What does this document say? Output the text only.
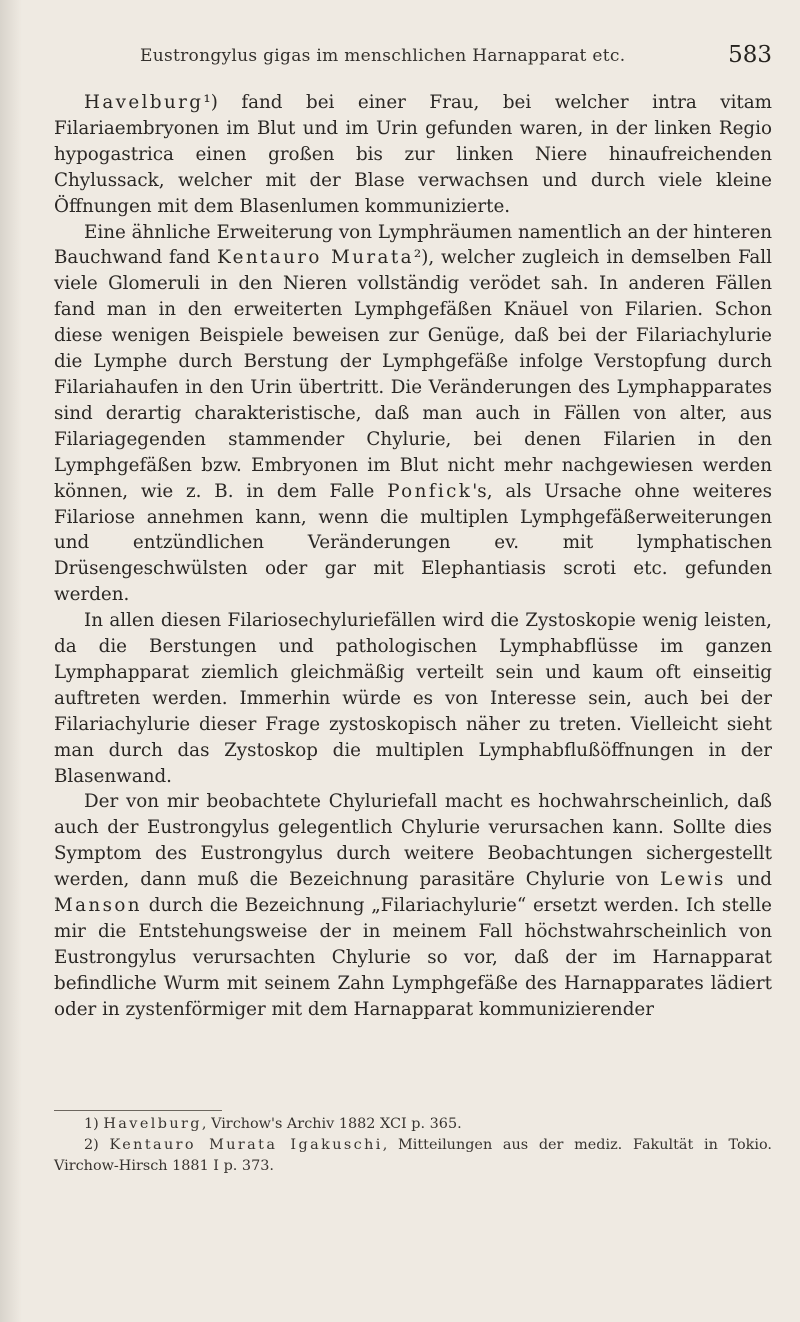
Eustrongylus gigas im menschlichen Harnapparat etc.	583

Havelburg¹) fand bei einer Frau, bei welcher intra vitam Filariaembryonen im Blut und im Urin gefunden waren, in der linken Regio hypogastrica einen großen bis zur linken Niere hinaufreichenden Chylussack, welcher mit der Blase verwachsen und durch viele kleine Öffnungen mit dem Blasenlumen kommunizierte.

Eine ähnliche Erweiterung von Lymphräumen namentlich an der hinteren Bauchwand fand Kentauro Murata²), welcher zugleich in demselben Fall viele Glomeruli in den Nieren vollständig verödet sah. In anderen Fällen fand man in den erweiterten Lymphgefäßen Knäuel von Filarien. Schon diese wenigen Beispiele beweisen zur Genüge, daß bei der Filariachylurie die Lymphe durch Berstung der Lymphgefäße infolge Verstopfung durch Filariahaufen in den Urin übertritt. Die Veränderungen des Lymphapparates sind derartig charakteristische, daß man auch in Fällen von alter, aus Filariagegenden stammender Chylurie, bei denen Filarien in den Lymphgefäßen bzw. Embryonen im Blut nicht mehr nachgewiesen werden können, wie z. B. in dem Falle Ponfick's, als Ursache ohne weiteres Filariose annehmen kann, wenn die multiplen Lymphgefäßerweiterungen und entzündlichen Veränderungen ev. mit lymphatischen Drüsengeschwülsten oder gar mit Elephantiasis scroti etc. gefunden werden.

In allen diesen Filariosechyluriefällen wird die Zystoskopie wenig leisten, da die Berstungen und pathologischen Lymphabflüsse im ganzen Lymphapparat ziemlich gleichmäßig verteilt sein und kaum oft einseitig auftreten werden. Immerhin würde es von Interesse sein, auch bei der Filariachylurie dieser Frage zystoskopisch näher zu treten. Vielleicht sieht man durch das Zystoskop die multiplen Lymphabflußöffnungen in der Blasenwand.

Der von mir beobachtete Chyluriefall macht es hochwahrscheinlich, daß auch der Eustrongylus gelegentlich Chylurie verursachen kann. Sollte dies Symptom des Eustrongylus durch weitere Beobachtungen sichergestellt werden, dann muß die Bezeichnung parasitäre Chylurie von Lewis und Manson durch die Bezeichnung „Filariachylurie“ ersetzt werden. Ich stelle mir die Entstehungsweise der in meinem Fall höchstwahrscheinlich von Eustrongylus verursachten Chylurie so vor, daß der im Harnapparat befindliche Wurm mit seinem Zahn Lymphgefäße des Harnapparates lädiert oder in zystenförmiger mit dem Harnapparat kommunizierender

1) Havelburg, Virchow's Archiv 1882 XCI p. 365.

2) Kentauro Murata Igakuschi, Mitteilungen aus der mediz. Fakultät in Tokio. Virchow-Hirsch 1881 I p. 373.
